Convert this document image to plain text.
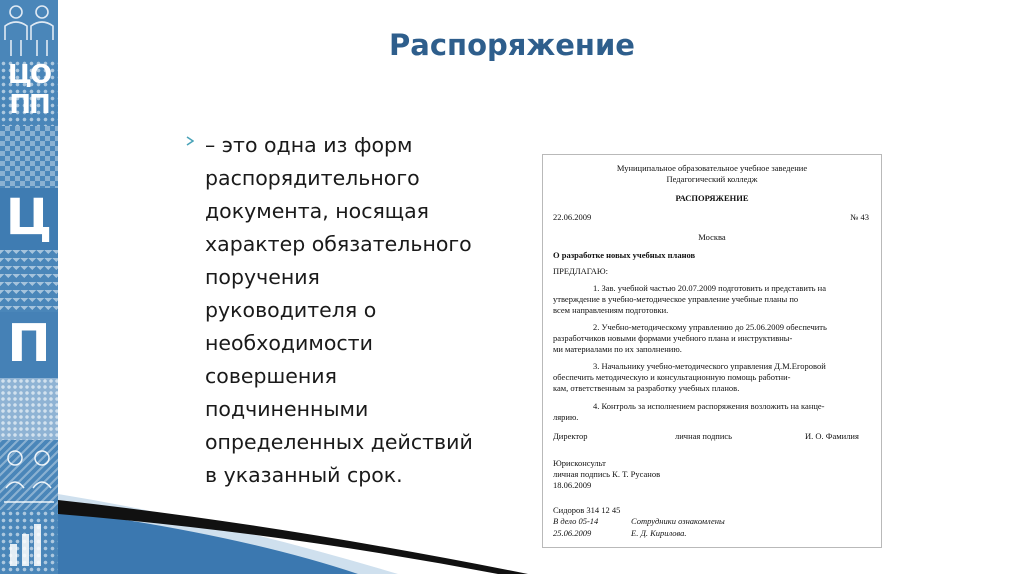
ЦО
ПП
Ц
П
Распоряжение
– это одна из форм
распорядительного
документа, носящая
характер обязательного
поручения
руководителя о
необходимости
совершения
подчиненными
определенных действий
в указанный срок.
Муниципальное образовательное учебное заведение
Педагогический колледж
РАСПОРЯЖЕНИЕ
22.06.2009	№ 43
Москва
О разработке новых учебных планов
ПРЕДЛАГАЮ:
1. Зав. учебной частью 20.07.2009 подготовить и представить на
утверждение в учебно-методическое управление учебные планы по
всем направлениям подготовки.
2. Учебно-методическому управлению до 25.06.2009 обеспечить
разработчиков новыми формами учебного плана и инструктивны-
ми материалами по их заполнению.
3. Начальнику учебно-методического управления Д.М.Егоровой
обеспечить методическую и консультационную помощь работни-
кам, ответственным за разработку учебных планов.
4. Контроль за исполнением распоряжения возложить на канце-
лярию.
Директор	личная подпись	И. О. Фамилия
Юрисконсульт
личная подпись К. Т. Русанов
18.06.2009
Сидоров 314 12 45
В дело 05-14	Сотрудники ознакомлены
25.06.2009	Е. Д. Кирилова.
